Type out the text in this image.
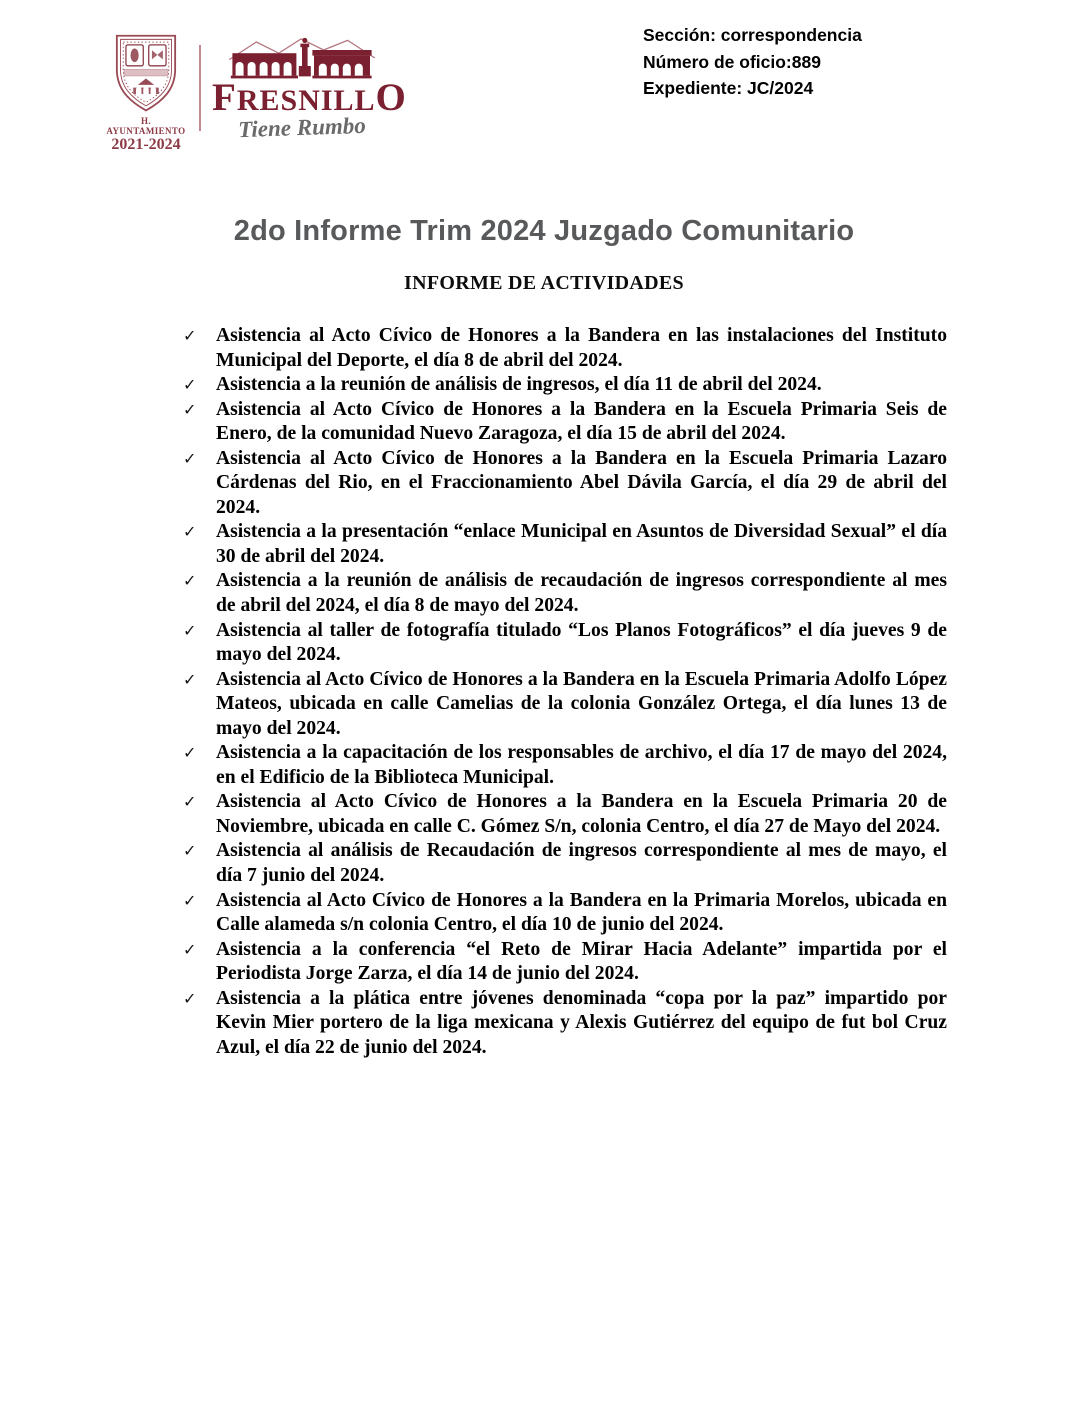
H. AYUNTAMIENTO
2021-2024
FRESNILLO
Tiene Rumbo
Sección: correspondencia
Número de oficio:889
Expediente: JC/2024
2do Informe Trim 2024 Juzgado Comunitario
INFORME DE ACTIVIDADES
✓ Asistencia al Acto Cívico de Honores a la Bandera en las instalaciones del Instituto Municipal del Deporte, el día 8 de abril del 2024.

✓ Asistencia a la reunión de análisis de ingresos, el día 11 de abril del 2024.

✓ Asistencia al Acto Cívico de Honores a la Bandera en la Escuela Primaria Seis de Enero, de la comunidad Nuevo Zaragoza, el día 15 de abril del 2024.

✓ Asistencia al Acto Cívico de Honores a la Bandera en la Escuela Primaria Lazaro Cárdenas del Rio, en el Fraccionamiento Abel Dávila García, el día 29 de abril del 2024.

✓ Asistencia a la presentación “enlace Municipal en Asuntos de Diversidad Sexual” el día 30 de abril del 2024.

✓ Asistencia a la reunión de análisis de recaudación de ingresos correspondiente al mes de abril del 2024, el día 8 de mayo del 2024.

✓ Asistencia al taller de fotografía titulado “Los Planos Fotográficos” el día jueves 9 de mayo del 2024.

✓ Asistencia al Acto Cívico de Honores a la Bandera en la Escuela Primaria Adolfo López Mateos, ubicada en calle Camelias de la colonia González Ortega, el día lunes 13 de mayo del 2024.

✓ Asistencia a la capacitación de los responsables de archivo, el día 17 de mayo del 2024, en el Edificio de la Biblioteca Municipal.

✓ Asistencia al Acto Cívico de Honores a la Bandera en la Escuela Primaria 20 de Noviembre, ubicada en calle C. Gómez S/n, colonia Centro, el día 27 de Mayo del 2024.

✓ Asistencia al análisis de Recaudación de ingresos correspondiente al mes de mayo, el día 7 junio del 2024.

✓ Asistencia al Acto Cívico de Honores a la Bandera en la Primaria Morelos, ubicada en Calle alameda s/n colonia Centro, el día 10 de junio del 2024.

✓ Asistencia a la conferencia “el Reto de Mirar Hacia Adelante” impartida por el Periodista Jorge Zarza, el día 14 de junio del 2024.

✓ Asistencia a la plática entre jóvenes denominada “copa por la paz” impartido por Kevin Mier portero de la liga mexicana y Alexis Gutiérrez del equipo de fut bol Cruz Azul, el día 22 de junio del 2024.
